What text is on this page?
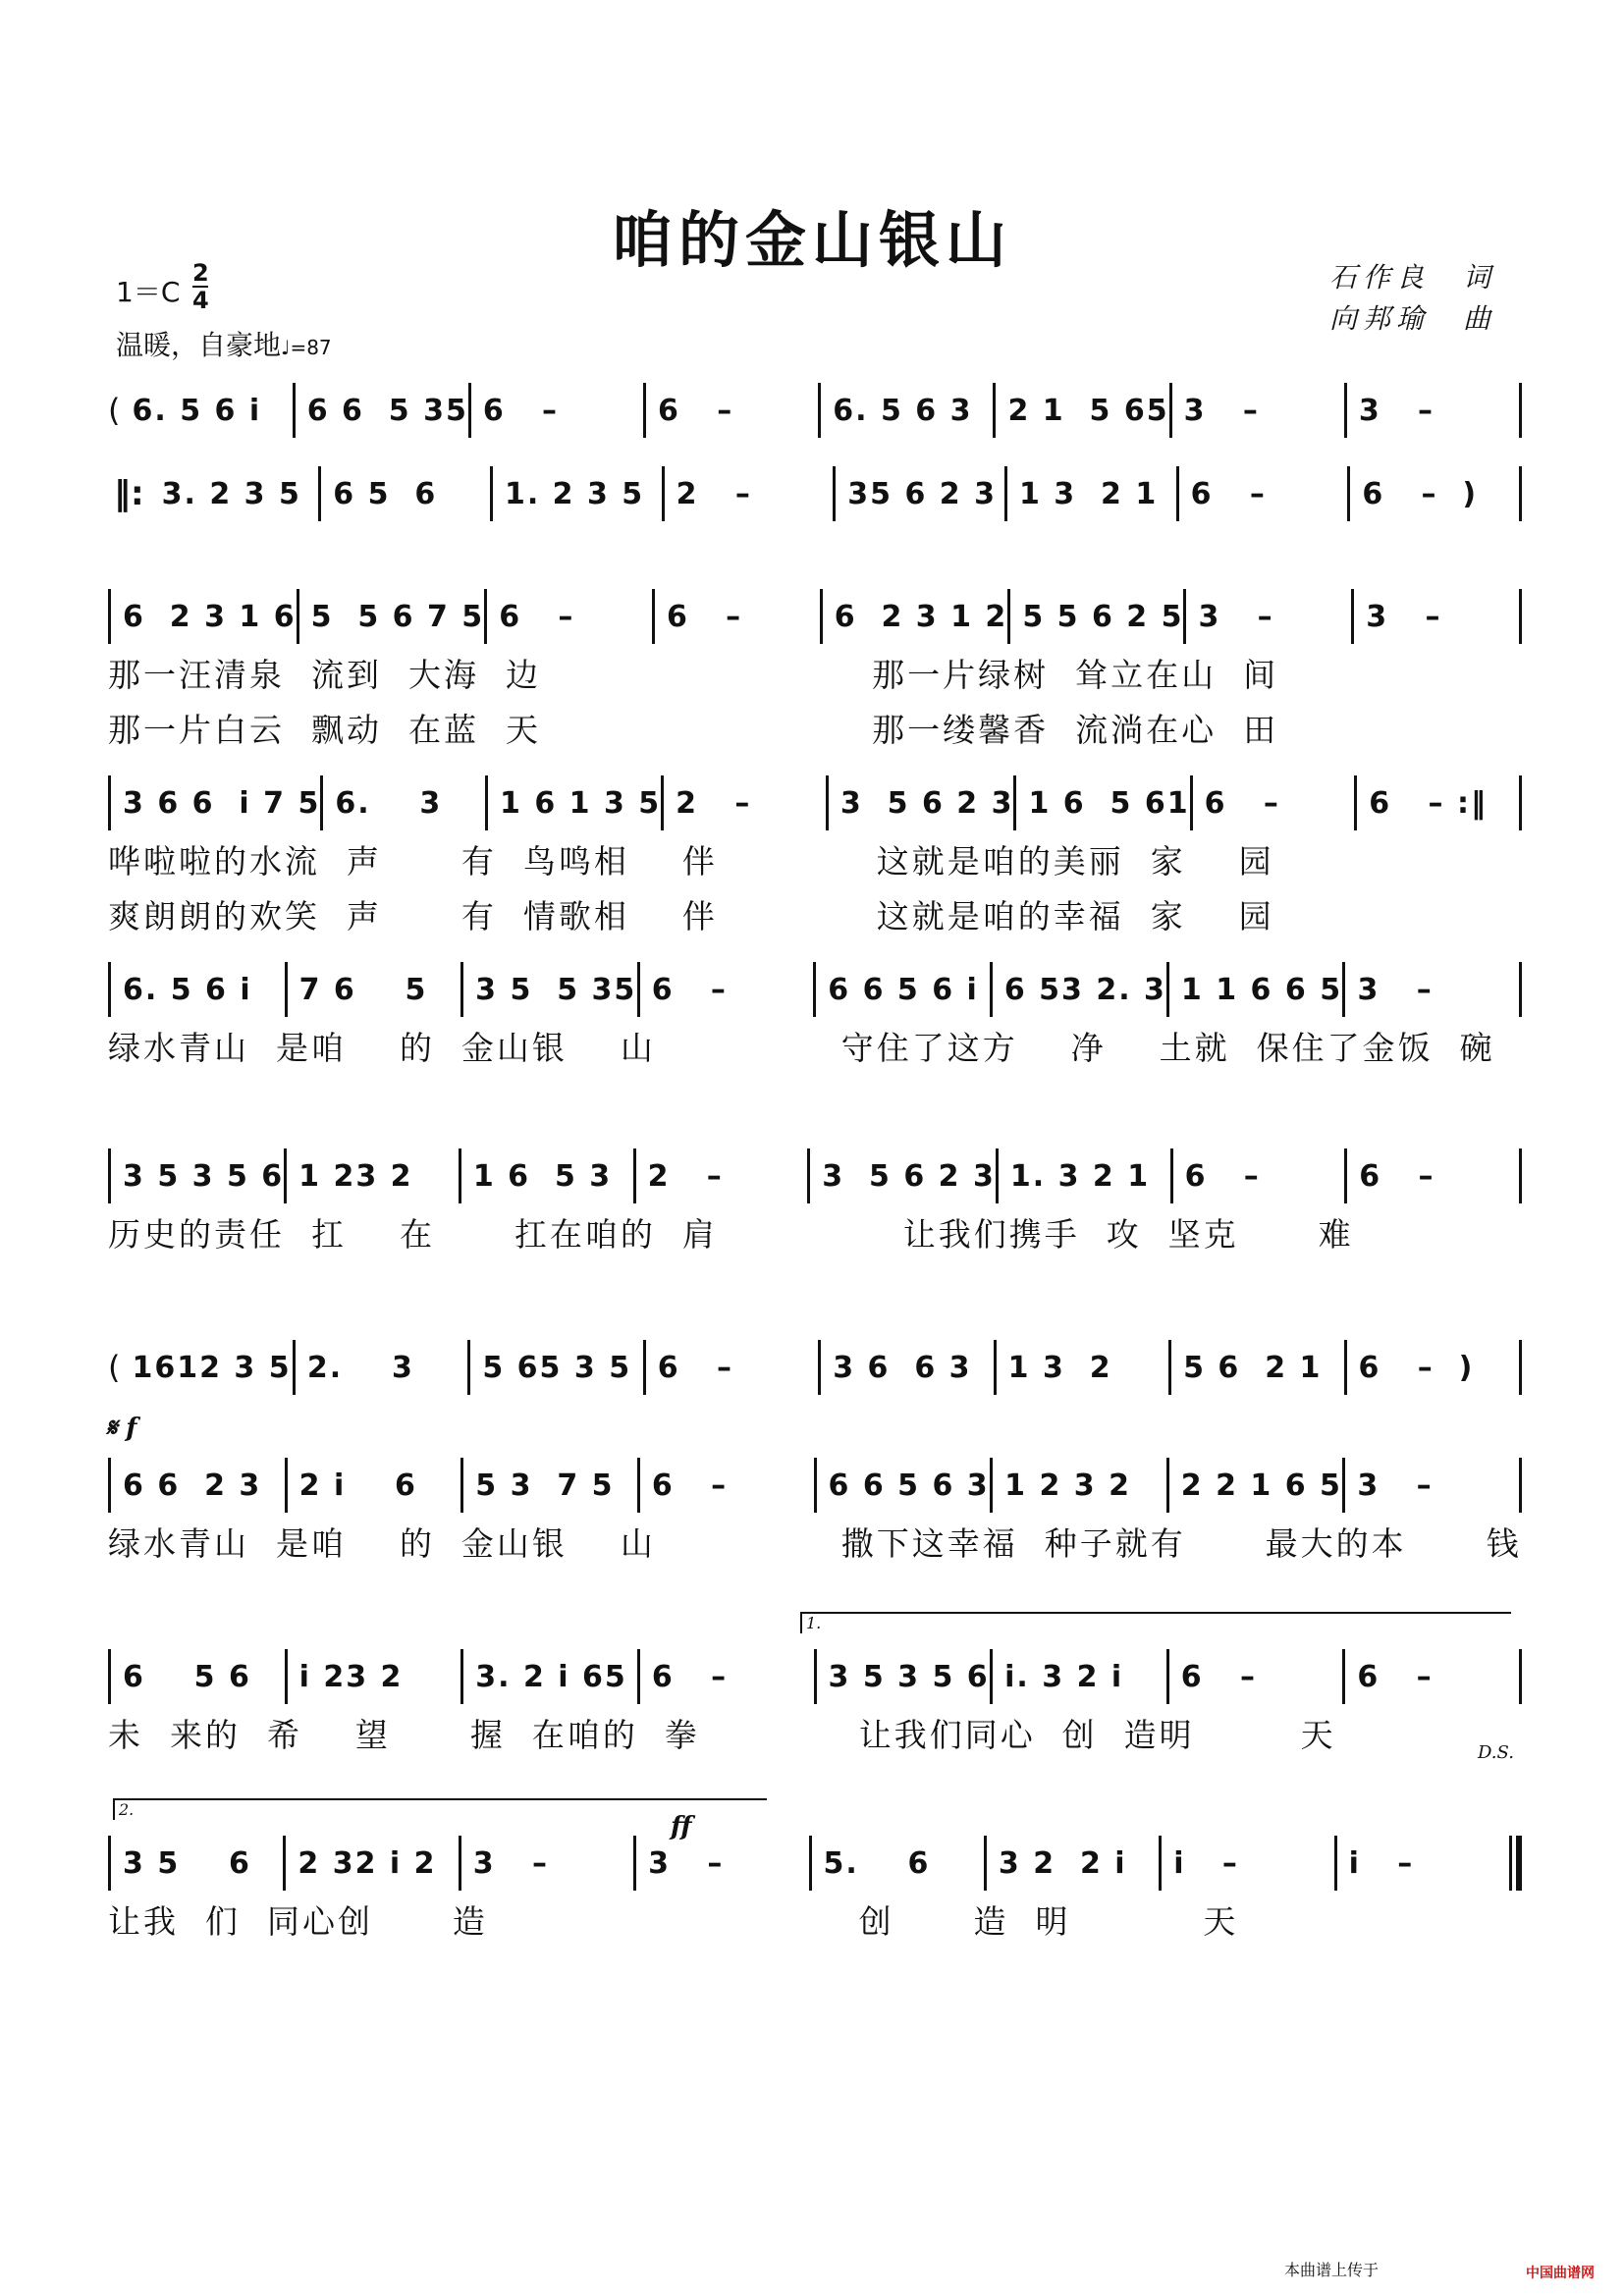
咱的金山银山
石作良　词
向邦瑜　曲
1＝C
2
4
温暖，自豪地♩=87
( 6. 5 6 i	6 6  5 35 6   –	6   –	6. 5 6 3	2 1  5 65 3   –	3   –
‖: 3. 2 3 5	6 5  6	1. 2 3 5	2   –	35 6 2 3 1 3  2 1	6   –	6   –  )
6  2 3 1 6 5  5 6 7 5 6   –	6   –	6  2 3 1 2 5 5 6 2 5 3   –	3   –
那一汪清泉  流到  大海  边                         那一片绿树  耸立在山  间
那一片白云  飘动  在蓝  天                         那一缕馨香  流淌在心  田
3 6 6  i 7 5 6.    3	1 6 1 3 5 2   –	3  5 6 2 3 1 6  5 61 6   –	6   – :‖
哗啦啦的水流  声      有  鸟鸣相    伴            这就是咱的美丽  家    园
爽朗朗的欢笑  声      有  情歌相    伴            这就是咱的幸福  家    园
6. 5 6 i	7 6    5	3 5  5 35 6   –	6 6 5 6 i 6 53 2. 3 1 1 6 6 5 3   –
绿水青山  是咱    的  金山银    山              守住了这方    净    土就  保住了金饭  碗
3 5 3 5 6 1 23 2	1 6  5 3	2   –	3  5 6 2 3 1. 3 2 1	6   –	6   –
历史的责任  扛    在      扛在咱的  肩              让我们携手  攻  坚克      难
( 1612 3 5 2.    3	5 65 3 5 6   –	3 6  6 3	1 3  2	5 6  2 1	6   –  )
6 6  2 3	2 i    6	5 3  7 5	6   –	6 6 5 6 3 1 2 3 2	2 2 1 6 5 3   –
绿水青山  是咱    的  金山银    山              撒下这幸福  种子就有      最大的本      钱
6    5 6	i 23 2	3. 2 i 65 6   –	3 5 3 5 6 i. 3 2 i	6   –	6   –
未  来的  希    望      握  在咱的  拳            让我们同心  创  造明        天
3 5    6	2 32 i 2	3   –	3   –	5.    6	3 2  2 i	i   –	i   –
让我  们  同心创      造                            创      造  明          天
𝄋 f
D.S.
1.
2.
ff
本曲谱上传于	中国曲谱网
